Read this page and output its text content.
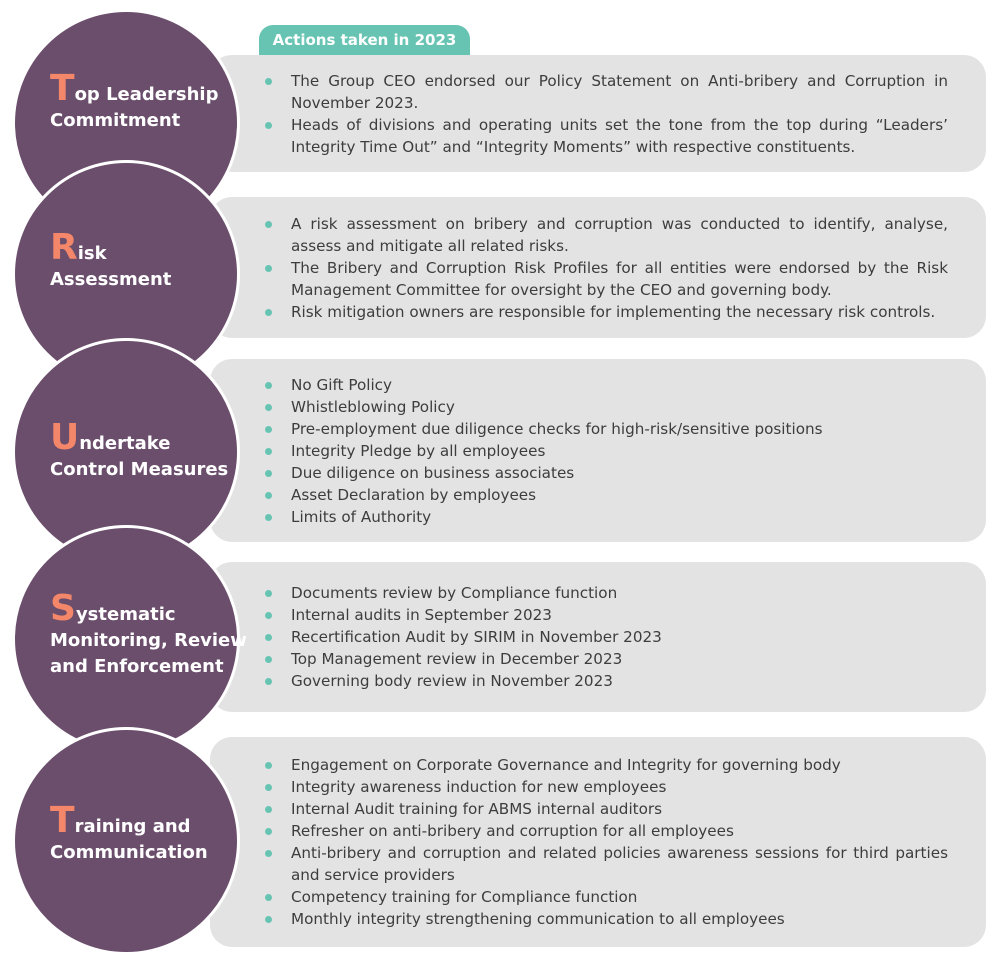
Actions taken in 2023
The Group CEO endorsed our Policy Statement on Anti-bribery and Corruption in November 2023.
Heads of divisions and operating units set the tone from the top during “Leaders’ Integrity Time Out” and “Integrity Moments” with respective constituents.
Top Leadership
Commitment
A risk assessment on bribery and corruption was conducted to identify, analyse, assess and mitigate all related risks.
The Bribery and Corruption Risk Profiles for all entities were endorsed by the Risk Management Committee for oversight by the CEO and governing body.
Risk mitigation owners are responsible for implementing the necessary risk controls.
Risk
Assessment
No Gift Policy
Whistleblowing Policy
Pre-employment due diligence checks for high-risk/sensitive positions
Integrity Pledge by all employees
Due diligence on business associates
Asset Declaration by employees
Limits of Authority
Undertake
Control Measures
Documents review by Compliance function
Internal audits in September 2023
Recertification Audit by SIRIM in November 2023
Top Management review in December 2023
Governing body review in November 2023
Systematic
Monitoring, Review
and Enforcement
Engagement on Corporate Governance and Integrity for governing body
Integrity awareness induction for new employees
Internal Audit training for ABMS internal auditors
Refresher on anti-bribery and corruption for all employees
Anti-bribery and corruption and related policies awareness sessions for third parties and service providers
Competency training for Compliance function
Monthly integrity strengthening communication to all employees
Training and
Communication
